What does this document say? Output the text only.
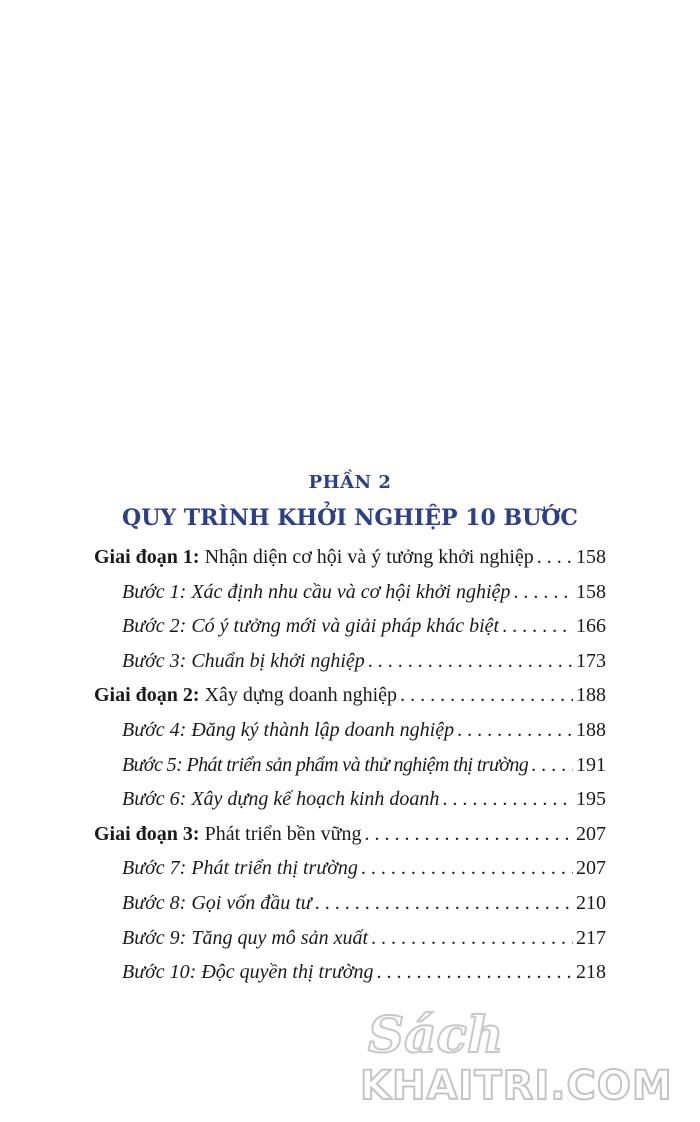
PHẦN 2
QUY TRÌNH KHỞI NGHIỆP 10 BƯỚC
Giai đoạn 1: Nhận diện cơ hội và ý tưởng khởi nghiệp . . . 158
Bước 1: Xác định nhu cầu và cơ hội khởi nghiệp . . .	158
Bước 2: Có ý tưởng mới và giải pháp khác biệt . . .	166
Bước 3: Chuẩn bị khởi nghiệp . . .	173
Giai đoạn 2: Xây dựng doanh nghiệp . . .	188
Bước 4: Đăng ký thành lập doanh nghiệp . . .	188
Bước 5: Phát triển sản phẩm và thử nghiệm thị trường . . . 191
Bước 6: Xây dựng kế hoạch kinh doanh . . .	195
Giai đoạn 3: Phát triển bền vững . . .	207
Bước 7: Phát triển thị trường . . .	207
Bước 8: Gọi vốn đầu tư . . .	210
Bước 9: Tăng quy mô sản xuất . . .	217
Bước 10: Độc quyền thị trường . . .	218
Sách
KHAITRI.COM
